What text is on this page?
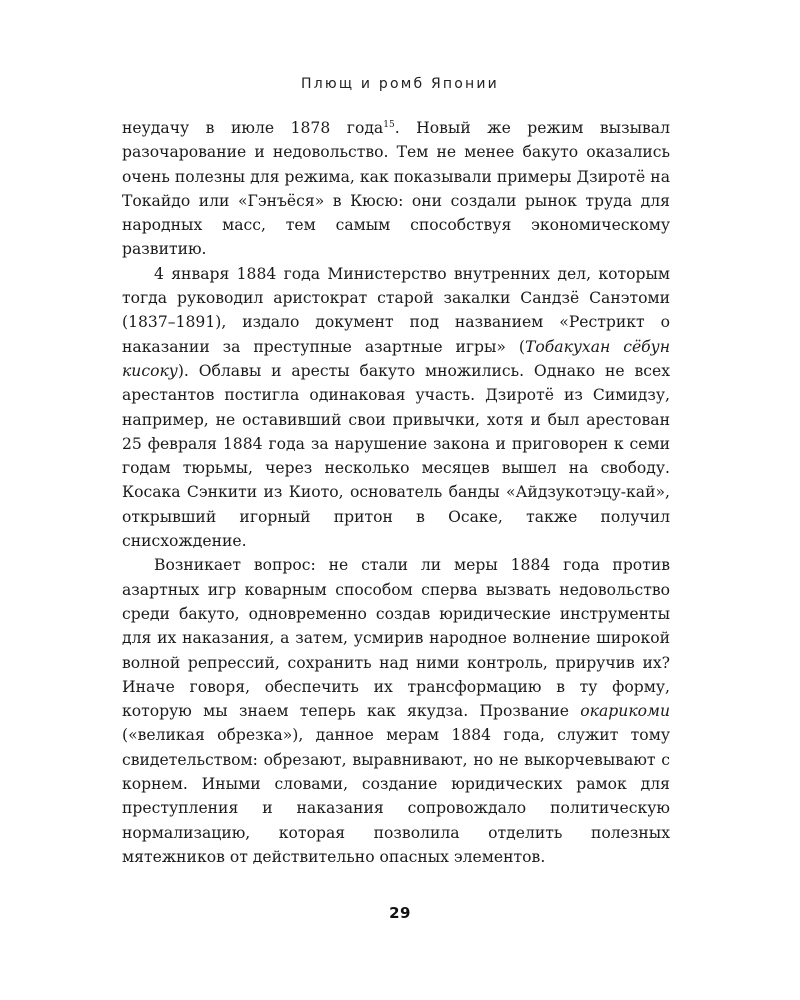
Плющ и ромб Японии

неудачу в июле 1878 года$^{15}$. Новый же режим вызывал разочарование и недовольство. Тем не менее бакуто оказались очень полезны для режима, как показывали примеры Дзиротё на Токайдо или «Гэнъёся» в Кюсю: они создали рынок труда для народных масс, тем самым способствуя экономическому развитию.

4 января 1884 года Министерство внутренних дел, которым тогда руководил аристократ старой закалки Сандзё Санэтоми (1837–1891), издало документ под названием «Рестрикт о наказании за преступные азартные игры» (Тобакухан сёбун кисоку). Облавы и аресты бакуто множились. Однако не всех арестантов постигла одинаковая участь. Дзиротё из Симидзу, например, не оставивший свои привычки, хотя и был арестован 25 февраля 1884 года за нарушение закона и приговорен к семи годам тюрьмы, через несколько месяцев вышел на свободу. Косака Сэнкити из Киото, основатель банды «Айдзукотэцу-кай», открывший игорный притон в Осаке, также получил снисхождение.

Возникает вопрос: не стали ли меры 1884 года против азартных игр коварным способом сперва вызвать недовольство среди бакуто, одновременно создав юридические инструменты для их наказания, а затем, усмирив народное волнение широкой волной репрессий, сохранить над ними контроль, приручив их? Иначе говоря, обеспечить их трансформацию в ту форму, которую мы знаем теперь как якудза. Прозвание окарикоми («великая обрезка»), данное мерам 1884 года, служит тому свидетельством: обрезают, выравнивают, но не выкорчевывают с корнем. Иными словами, создание юридических рамок для преступления и наказания сопровождало политическую нормализацию, которая позволила отделить полезных мятежников от действительно опасных элементов.

29
